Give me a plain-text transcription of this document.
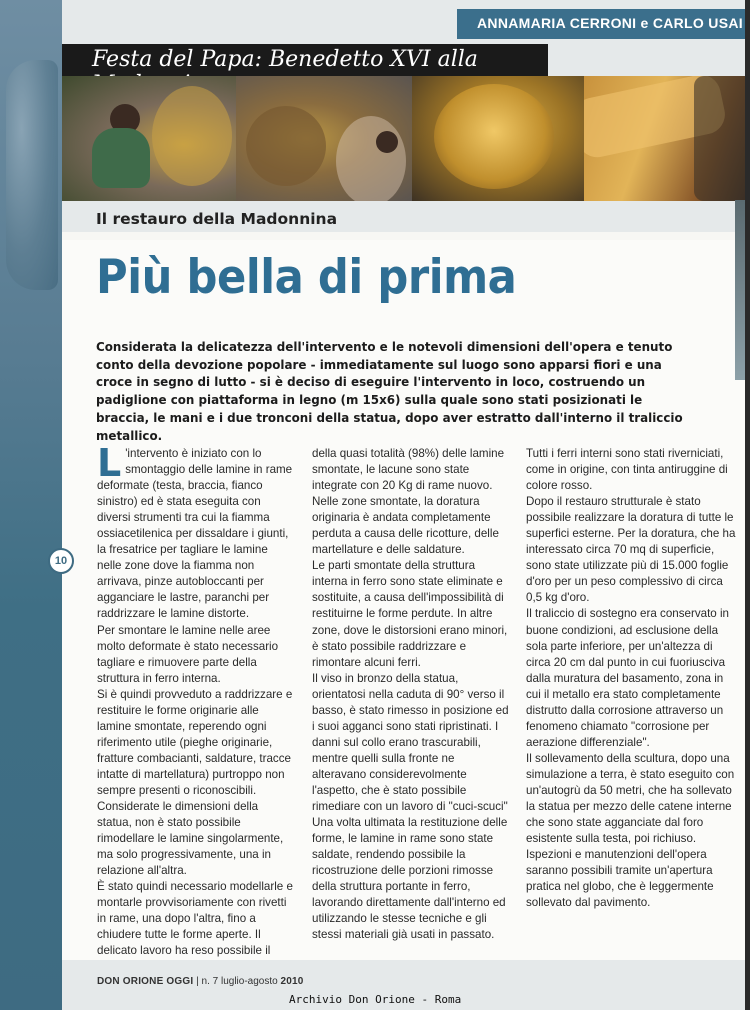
ANNAMARIA CERRONI e CARLO USAI
Festa del Papa: Benedetto XVI alla
Il restauro della Madonnina
Più bella di prima
Considerata la delicatezza dell'intervento e le notevoli dimensioni dell'opera e tenuto conto della devozione popolare - immediatamente sul luogo sono apparsi fiori e una croce in segno di lutto - si è deciso di eseguire l'intervento in loco, costruendo un padiglione con piattaforma in legno (m 15x6) sulla quale sono stati posizionati le braccia, le mani e i due tronconi della statua, dopo aver estratto dall'interno il traliccio metallico.

L 'intervento è iniziato con lo smontaggio delle lamine in rame deformate (testa, braccia, fianco sinistro) ed è stata eseguita con diversi strumenti tra cui la fiamma ossiacetilenica per dissaldare i giunti, la fresatrice per tagliare le lamine nelle zone dove la fiamma non arrivava, pinze autobloccanti per agganciare le lastre, paranchi per raddrizzare le lamine distorte.

Per smontare le lamine nelle aree molto deformate è stato necessario tagliare e rimuovere parte della struttura in ferro interna.

Si è quindi provveduto a raddrizzare e restituire le forme originarie alle lamine smontate, reperendo ogni riferimento utile (pieghe originarie, fratture combacianti, saldature, tracce intatte di martellatura) purtroppo non sempre presenti o riconoscibili.

Considerate le dimensioni della statua, non è stato possibile rimodellare le lamine singolarmente, ma solo progressivamente, una in relazione all'altra.

È stato quindi necessario modellarle e montarle provvisoriamente con rivetti in rame, una dopo l'altra, fino a chiudere tutte le forme aperte. Il delicato lavoro ha reso possibile il

della quasi totalità (98%) delle lamine smontate, le lacune sono state integrate con 20 Kg di rame nuovo.

Nelle zone smontate, la doratura originaria è andata completamente perduta a causa delle ricotture, delle martellature e delle saldature.

Le parti smontate della struttura interna in ferro sono state eliminate e sostituite, a causa dell'impossibilità di restituirne le forme perdute. In altre zone, dove le distorsioni erano minori, è stato possibile raddrizzare e rimontare alcuni ferri.

Il viso in bronzo della statua, orientatosi nella caduta di 90° verso il basso, è stato rimesso in posizione ed i suoi agganci sono stati ripristinati. I danni sul collo erano trascurabili, mentre quelli sulla fronte ne alteravano considerevolmente l'aspetto, che è stato possibile rimediare con un lavoro di "cuci-scuci"

Una volta ultimata la restituzione delle forme, le lamine in rame sono state saldate, rendendo possibile la ricostruzione delle porzioni rimosse della struttura portante in ferro, lavorando direttamente dall'interno ed utilizzando le stesse tecniche e gli stessi materiali già usati in passato.

Tutti i ferri interni sono stati riverniciati, come in origine, con tinta antiruggine di colore rosso.

Dopo il restauro strutturale è stato possibile realizzare la doratura di tutte le superfici esterne. Per la doratura, che ha interessato circa 70 mq di superficie, sono state utilizzate più di 15.000 foglie d'oro per un peso complessivo di circa 0,5 kg d'oro.

Il traliccio di sostegno era conservato in buone condizioni, ad esclusione della sola parte inferiore, per un'altezza di circa 20 cm dal punto in cui fuoriusciva dalla muratura del basamento, zona in cui il metallo era stato completamente distrutto dalla corrosione attraverso un fenomeno chiamato "corrosione per aerazione differenziale".

Il sollevamento della scultura, dopo una simulazione a terra, è stato eseguito con un'autogrù da 50 metri, che ha sollevato la statua per mezzo delle catene interne che sono state agganciate dal foro esistente sulla testa, poi richiuso.

Ispezioni e manutenzioni dell'opera saranno possibili tramite un'apertura pratica nel globo, che è leggermente sollevato dal pavimento.

DON ORIONE OGGI | n. 7 luglio-agosto 2010
Archivio Don Orione - Roma
10
